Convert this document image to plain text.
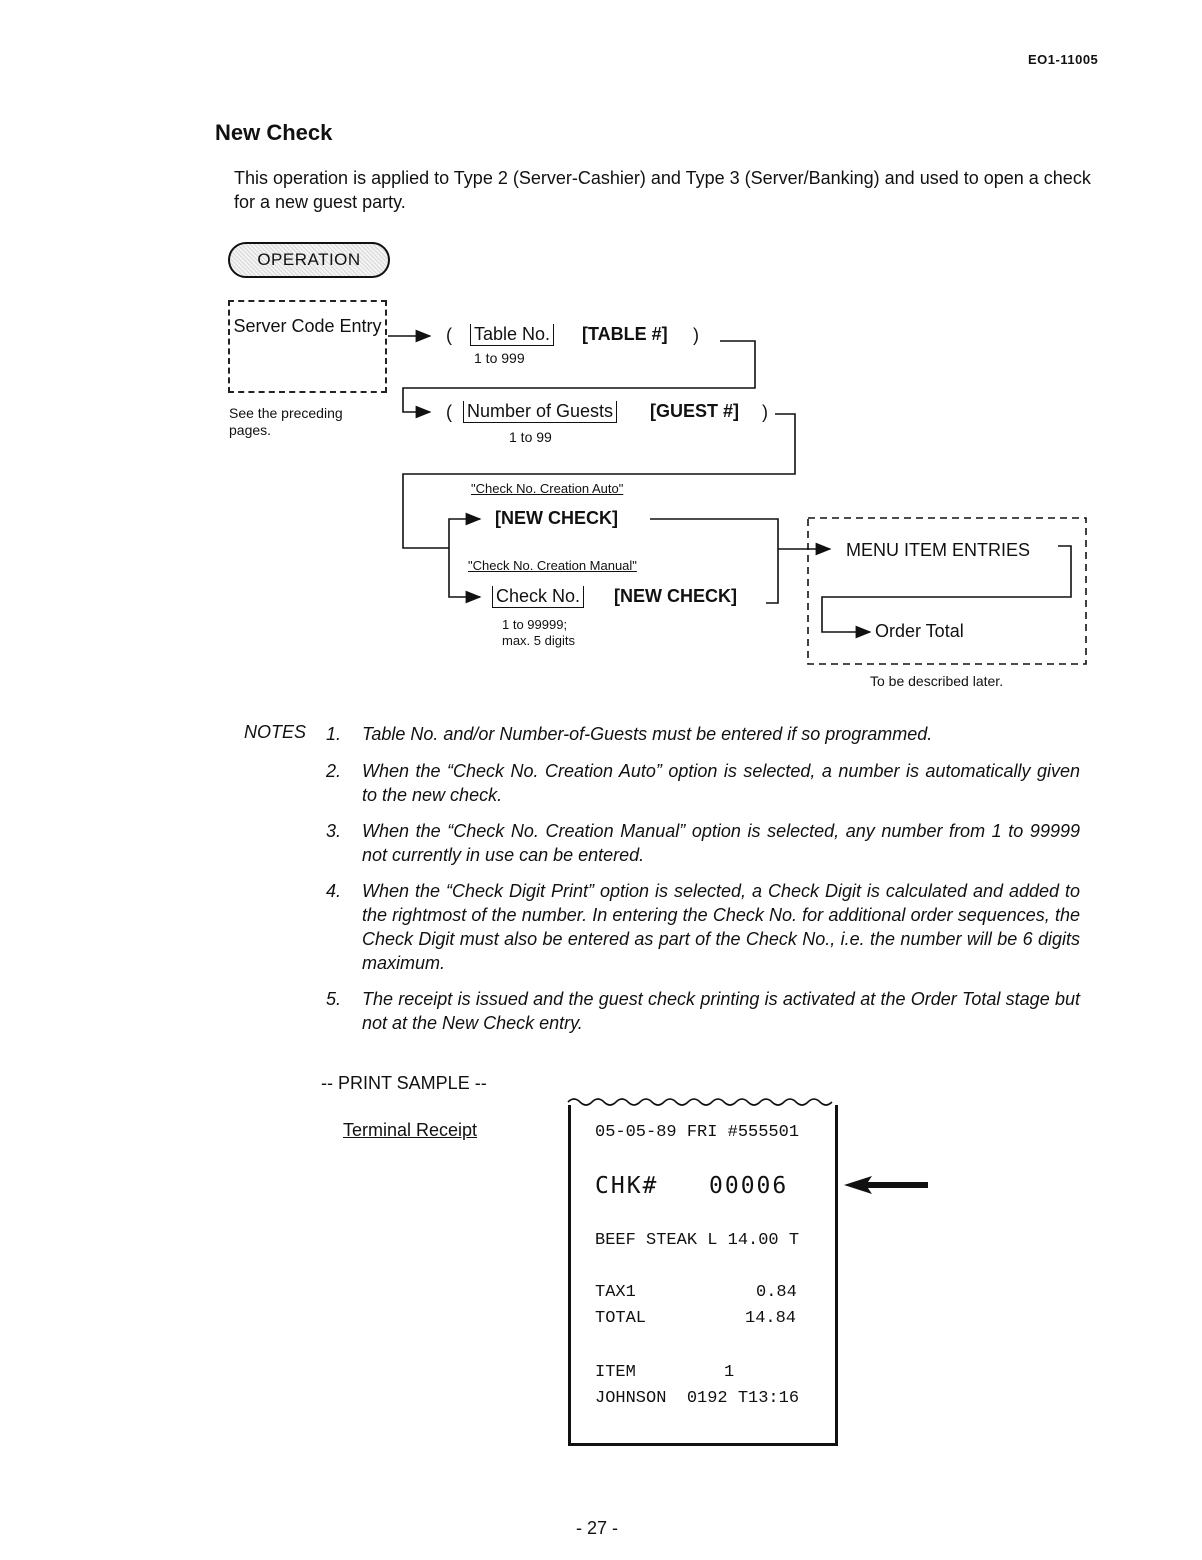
EO1-11005
New Check
This operation is applied to Type 2 (Server-Cashier) and Type 3 (Server/Banking) and used to open a check for a new guest party.
OPERATION
Server Code Entry
See the preceding pages.
( Table No. [TABLE #] )
1 to 999
( Number of Guests [GUEST #] )
1 to 99
"Check No. Creation Auto"
[NEW CHECK]
"Check No. Creation Manual"
Check No. [NEW CHECK]
1 to 99999;
max. 5 digits
MENU ITEM ENTRIES
Order Total
To be described later.
NOTES 1. Table No. and/or Number-of-Guests must be entered if so programmed.
2. When the “Check No. Creation Auto” option is selected, a number is automatically given to the new check.
3. When the “Check No. Creation Manual” option is selected, any number from 1 to 99999 not currently in use can be entered.
4. When the “Check Digit Print” option is selected, a Check Digit is calculated and added to the rightmost of the number. In entering the Check No. for additional order sequences, the Check Digit must also be entered as part of the Check No., i.e. the number will be 6 digits maximum.
5. The receipt is issued and the guest check printing is activated at the Order Total stage but not at the New Check entry.
-- PRINT SAMPLE --
Terminal Receipt	05-05-89 FRI #555501
CHK# 00006
BEEF STEAK L 14.00 T
TAX1	0.84
TOTAL	14.84
ITEM	1
JOHNSON  0192 T13:16
- 27 -
